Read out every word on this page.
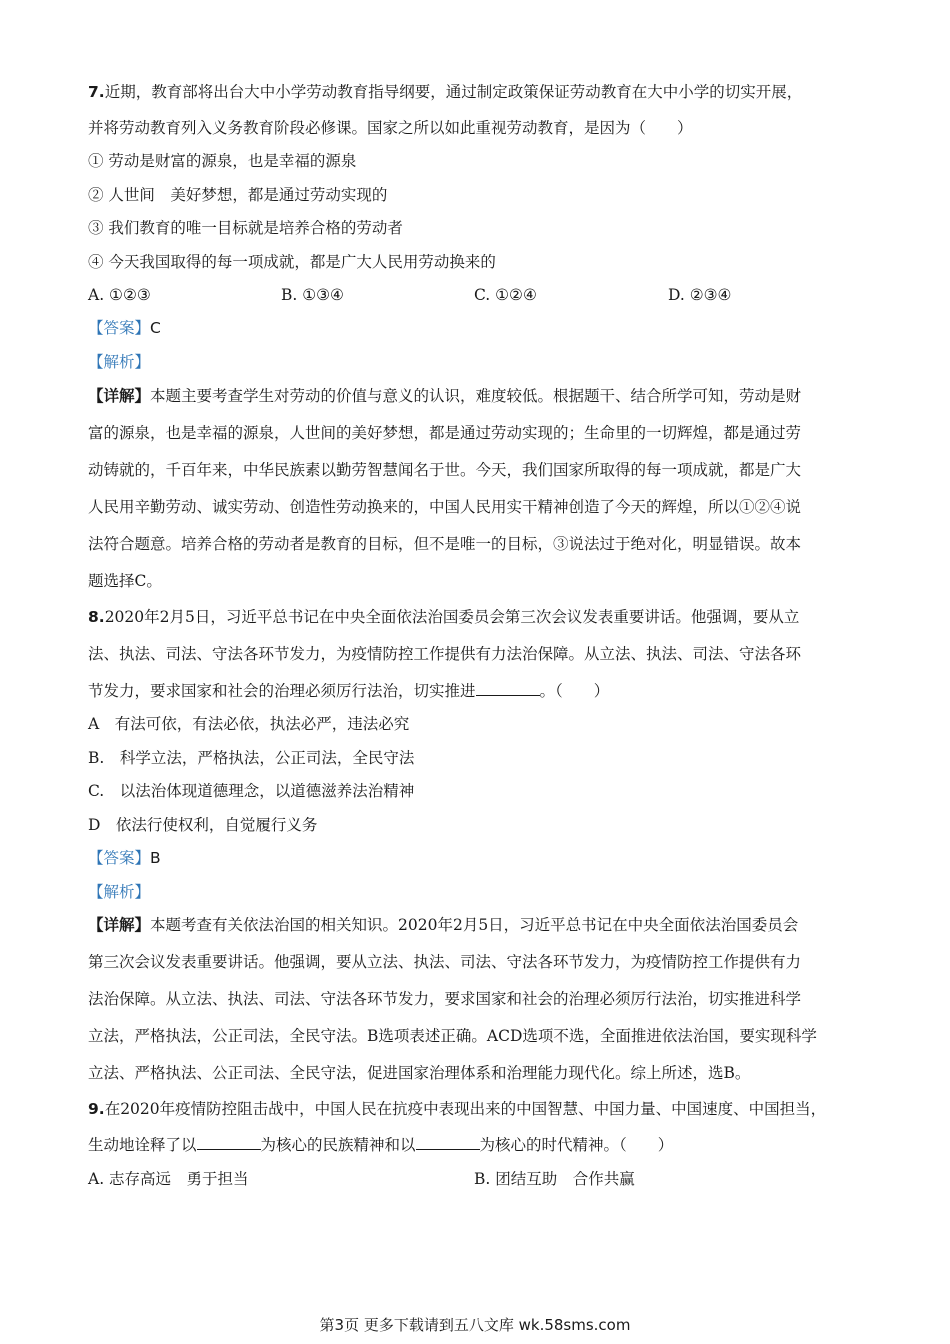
7.近期，教育部将出台大中小学劳动教育指导纲要，通过制定政策保证劳动教育在大中小学的切实开展，
并将劳动教育列入义务教育阶段必修课。国家之所以如此重视劳动教育，是因为（　　）
① 劳动是财富的源泉，也是幸福的源泉
② 人世间　美好梦想，都是通过劳动实现的
③ 我们教育的唯一目标就是培养合格的劳动者
④ 今天我国取得的每一项成就，都是广大人民用劳动换来的
A. ①②③	B. ①③④	C. ①②④	D. ②③④
【答案】C
【解析】
【详解】本题主要考查学生对劳动的价值与意义的认识，难度较低。根据题干、结合所学可知，劳动是财
富的源泉，也是幸福的源泉，人世间的美好梦想，都是通过劳动实现的；生命里的一切辉煌，都是通过劳
动铸就的，千百年来，中华民族素以勤劳智慧闻名于世。今天，我们国家所取得的每一项成就，都是广大
人民用辛勤劳动、诚实劳动、创造性劳动换来的，中国人民用实干精神创造了今天的辉煌，所以①②④说
法符合题意。培养合格的劳动者是教育的目标，但不是唯一的目标，③说法过于绝对化，明显错误。故本
题选择C。
8.2020年2月5日，习近平总书记在中央全面依法治国委员会第三次会议发表重要讲话。他强调，要从立
法、执法、司法、守法各环节发力，为疫情防控工作提供有力法治保障。从立法、执法、司法、守法各环
节发力，要求国家和社会的治理必须厉行法治，切实推进	。（　　）
A　有法可依，有法必依，执法必严，违法必究
B.　科学立法，严格执法，公正司法，全民守法
C.　以法治体现道德理念，以道德滋养法治精神
D　依法行使权利，自觉履行义务
【答案】B
【解析】
【详解】本题考查有关依法治国的相关知识。2020年2月5日，习近平总书记在中央全面依法治国委员会
第三次会议发表重要讲话。他强调，要从立法、执法、司法、守法各环节发力，为疫情防控工作提供有力
法治保障。从立法、执法、司法、守法各环节发力，要求国家和社会的治理必须厉行法治，切实推进科学
立法，严格执法，公正司法，全民守法。B选项表述正确。ACD选项不选，全面推进依法治国，要实现科学
立法、严格执法、公正司法、全民守法，促进国家治理体系和治理能力现代化。综上所述，选B。
9.在2020年疫情防控阻击战中，中国人民在抗疫中表现出来的中国智慧、中国力量、中国速度、中国担当，
生动地诠释了以	为核心的民族精神和以	为核心的时代精神。（　　）
A. 志存高远　勇于担当	B. 团结互助　合作共赢
第3页 更多下载请到五八文库 wk.58sms.com
